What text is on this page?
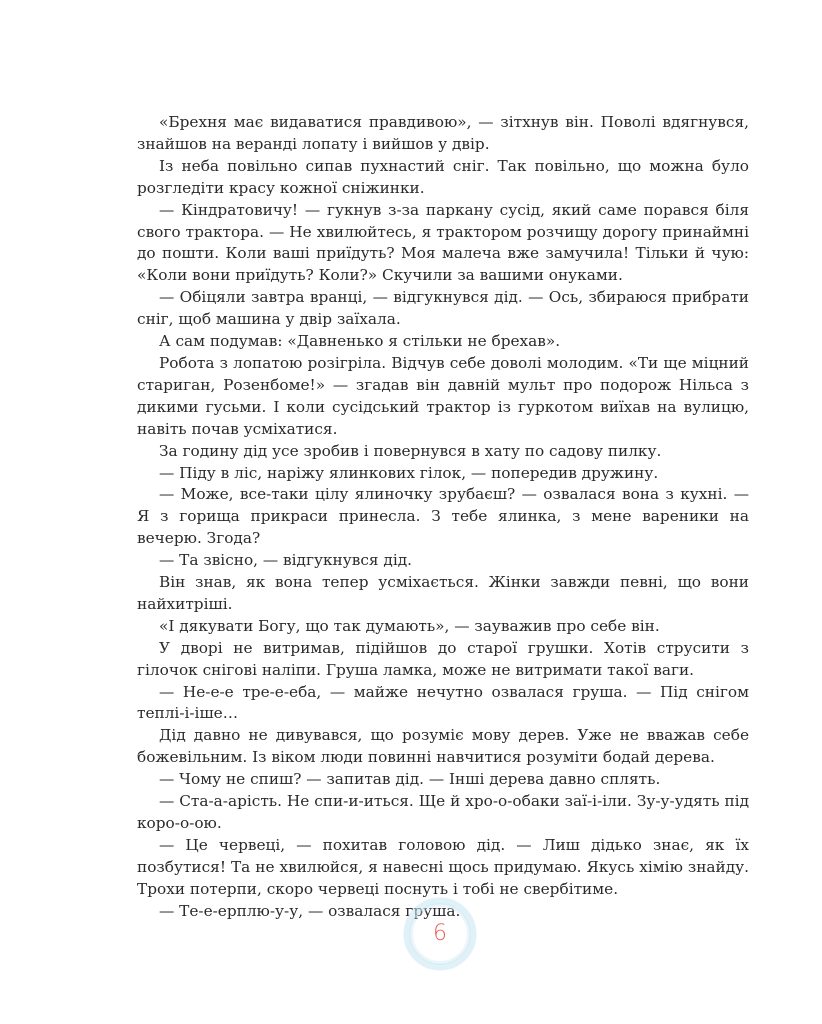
«Брехня має видаватися правдивою», — зітхнув він. Поволі вдягнувся, знайшов на веранді лопату і вийшов у двір.

Із неба повільно сипав пухнастий сніг. Так повільно, що можна було розгледіти красу кожної сніжинки.

— Кіндратовичу! — гукнув з-за паркану сусід, який саме порався біля свого трактора. — Не хвилюйтесь, я трактором розчищу дорогу принаймні до пошти. Коли ваші приїдуть? Моя малеча вже замучила! Тільки й чую: «Коли вони приїдуть? Коли?» Скучили за вашими онуками.

— Обіцяли завтра вранці, — відгукнувся дід. — Ось, збираюся прибрати сніг, щоб машина у двір заїхала.

А сам подумав: «Давненько я стільки не брехав».

Робота з лопатою розігріла. Відчув себе доволі молодим. «Ти ще міцний стариган, Розенбоме!» — згадав він давній мульт про подорож Нільса з дикими гусьми. І коли сусідський трактор із гуркотом виїхав на вулицю, навіть почав усміхатися.

За годину дід усе зробив і повернувся в хату по садову пилку.

— Піду в ліс, наріжу ялинкових гілок, — попередив дружину.

— Може, все-таки цілу ялиночку зрубаєш? — озвалася вона з кухні. — Я з горища прикраси принесла. З тебе ялинка, з мене вареники на вечерю. Згода?

— Та звісно, — відгукнувся дід.

Він знав, як вона тепер усміхається. Жінки завжди певні, що вони найхитріші.

«І дякувати Богу, що так думають», — зауважив про себе він.

У дворі не витримав, підійшов до старої грушки. Хотів струсити з гілочок снігові наліпи. Груша ламка, може не витримати такої ваги.

— Не-е-е тре-е-еба, — майже нечутно озвалася груша. — Під снігом теплі-і-іше…

Дід давно не дивувався, що розуміє мову дерев. Уже не вважав себе божевільним. Із віком люди повинні навчитися розуміти бодай дерева.

— Чому не спиш? — запитав дід. — Інші дерева давно сплять.

— Ста-а-арість. Не спи-и-иться. Ще й хро-о-обаки заї-і-іли. Зу-у-удять під коро-о-ою.

— Це червеці, — похитав головою дід. — Лиш дідько знає, як їх позбутися! Та не хвилюйся, я навесні щось придумаю. Якусь хімію знайду. Трохи потерпи, скоро червеці поснуть і тобі не свербітиме.

— Те-е-ерплю-у-у, — озвалася груша.

6
